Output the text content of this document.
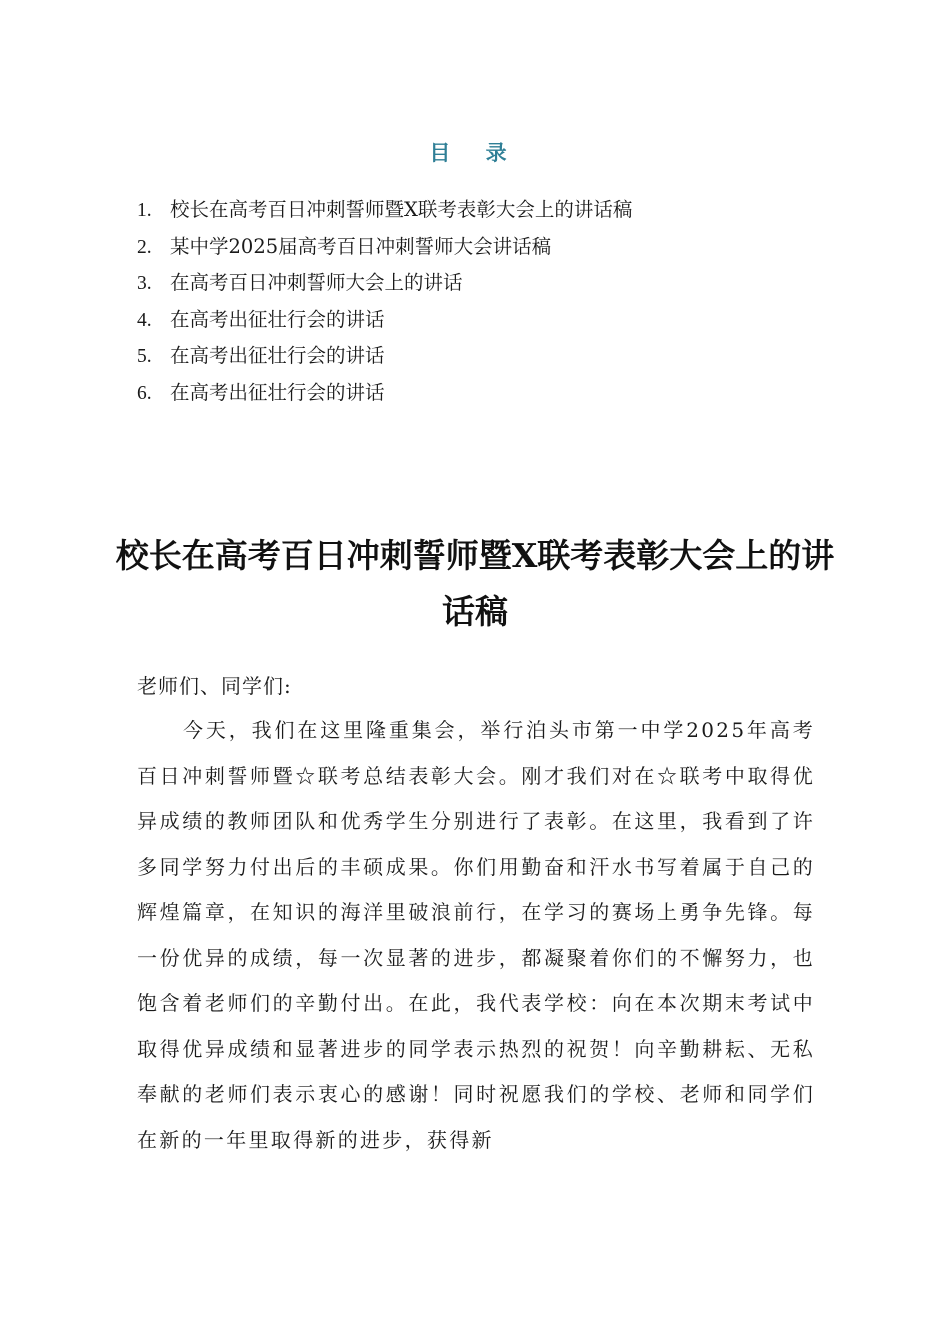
目 录
1. 校长在高考百日冲刺誓师暨X联考表彰大会上的讲话稿
2. 某中学2025届高考百日冲刺誓师大会讲话稿
3. 在高考百日冲刺誓师大会上的讲话
4. 在高考出征壮行会的讲话
5. 在高考出征壮行会的讲话
6. 在高考出征壮行会的讲话
校长在高考百日冲刺誓师暨X联考表彰大会上的讲话稿
老师们、同学们:

今天，我们在这里隆重集会，举行泊头市第一中学2025年高考百日冲刺誓师暨☆联考总结表彰大会。刚才我们对在☆联考中取得优异成绩的教师团队和优秀学生分别进行了表彰。在这里，我看到了许多同学努力付出后的丰硕成果。你们用勤奋和汗水书写着属于自己的辉煌篇章，在知识的海洋里破浪前行，在学习的赛场上勇争先锋。每一份优异的成绩，每一次显著的进步，都凝聚着你们的不懈努力，也饱含着老师们的辛勤付出。在此，我代表学校：向在本次期末考试中取得优异成绩和显著进步的同学表示热烈的祝贺！向辛勤耕耘、无私奉献的老师们表示衷心的感谢！同时祝愿我们的学校、老师和同学们在新的一年里取得新的进步，获得新
